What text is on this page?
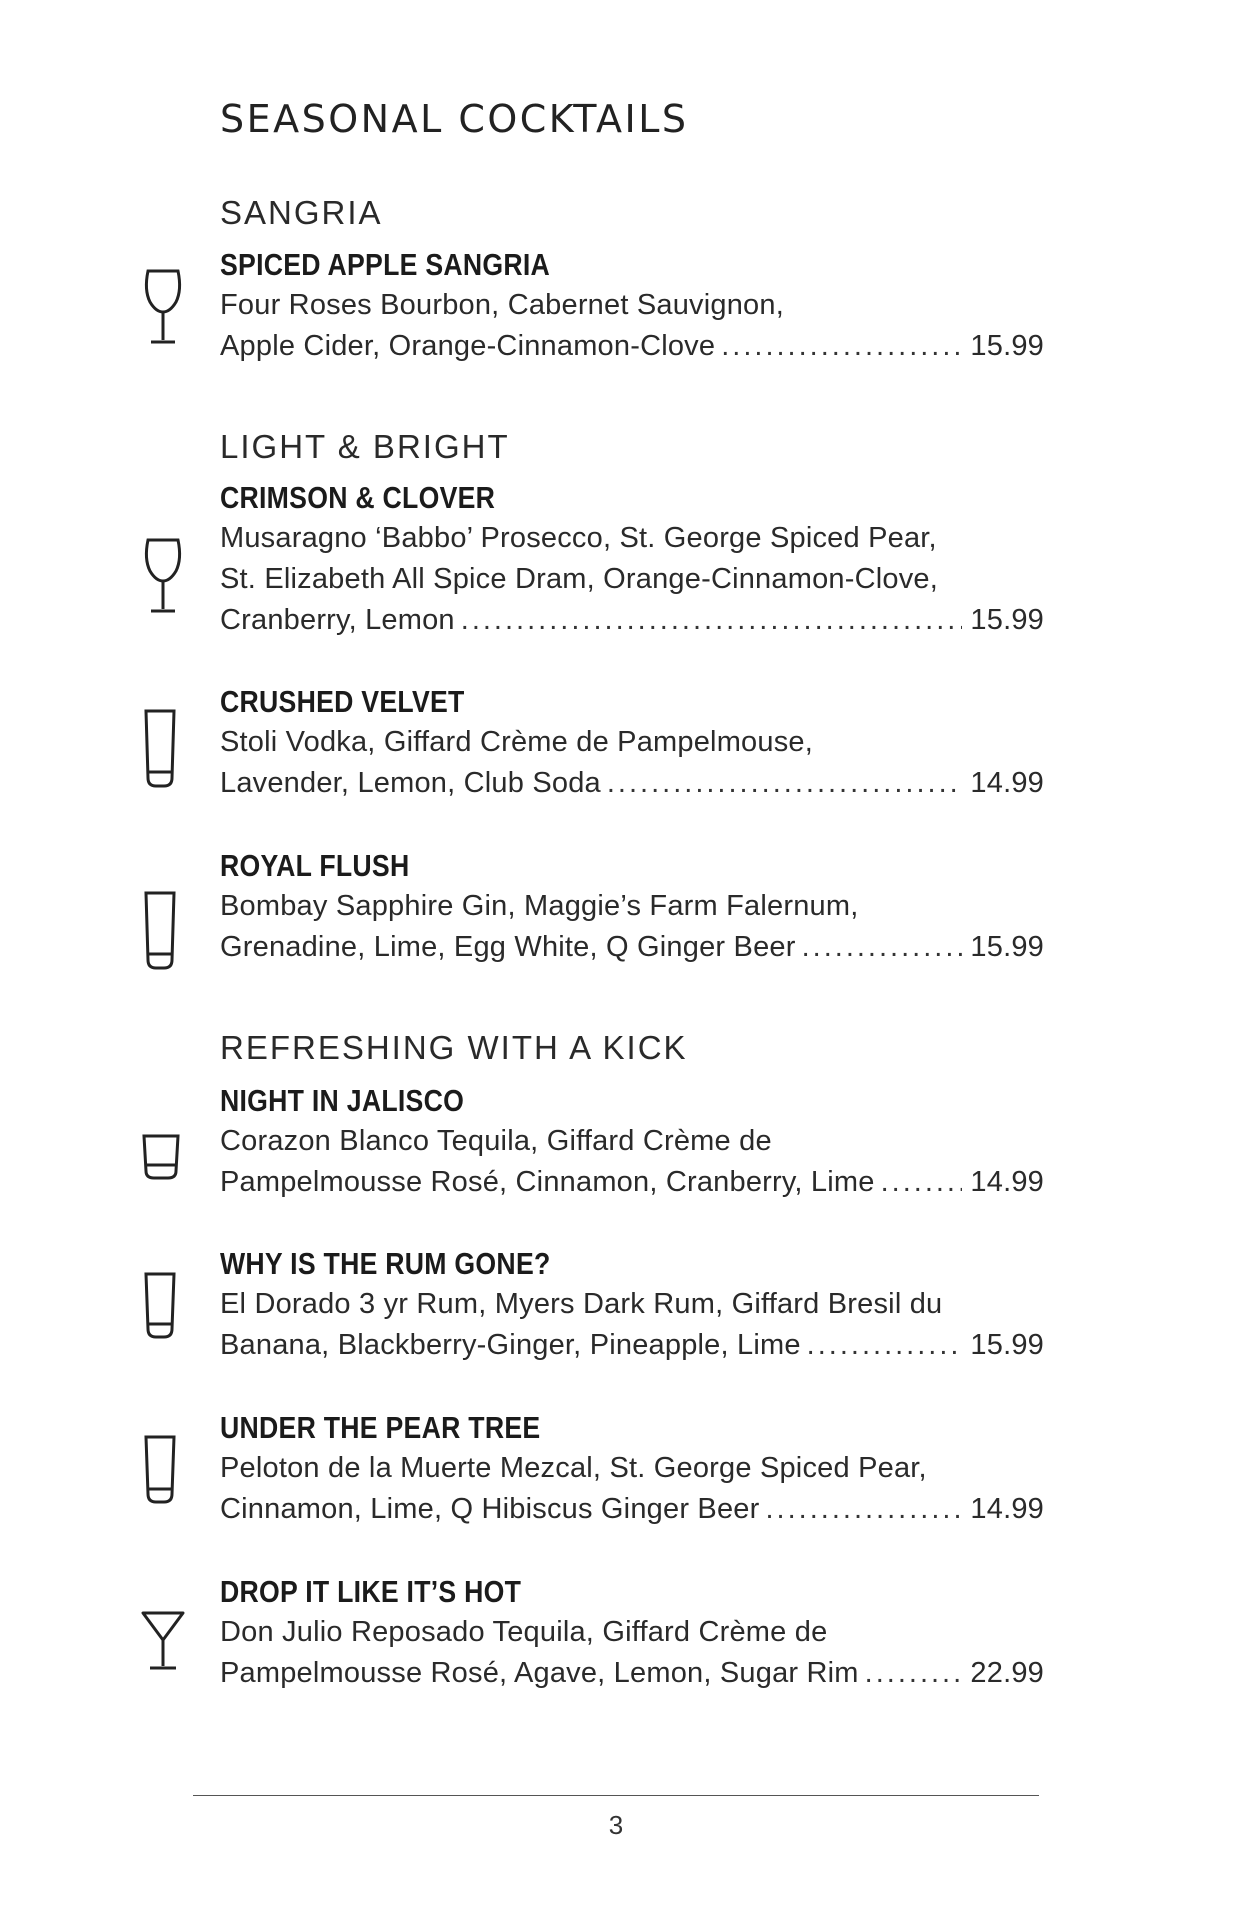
SEASONAL COCKTAILS
SANGRIA
SPICED APPLE SANGRIA
Four Roses Bourbon, Cabernet Sauvignon,
Apple Cider, Orange-Cinnamon-Clove .....	15.99
LIGHT & BRIGHT
CRIMSON & CLOVER
Musaragno ‘Babbo’ Prosecco, St. George Spiced Pear,
St. Elizabeth All Spice Dram, Orange-Cinnamon-Clove,
Cranberry, Lemon .....	15.99
CRUSHED VELVET
Stoli Vodka, Giffard Crème de Pampelmouse,
Lavender, Lemon, Club Soda .....	14.99
ROYAL FLUSH
Bombay Sapphire Gin, Maggie’s Farm Falernum,
Grenadine, Lime, Egg White, Q Ginger Beer .....	15.99
REFRESHING WITH A KICK
NIGHT IN JALISCO
Corazon Blanco Tequila, Giffard Crème de
Pampelmousse Rosé, Cinnamon, Cranberry, Lime .....	14.99
WHY IS THE RUM GONE?
El Dorado 3 yr Rum, Myers Dark Rum, Giffard Bresil du
Banana, Blackberry-Ginger, Pineapple, Lime .....	15.99
UNDER THE PEAR TREE
Peloton de la Muerte Mezcal, St. George Spiced Pear,
Cinnamon, Lime, Q Hibiscus Ginger Beer .....	14.99
DROP IT LIKE IT’S HOT
Don Julio Reposado Tequila, Giffard Crème de
Pampelmousse Rosé, Agave, Lemon, Sugar Rim .....	22.99
3
